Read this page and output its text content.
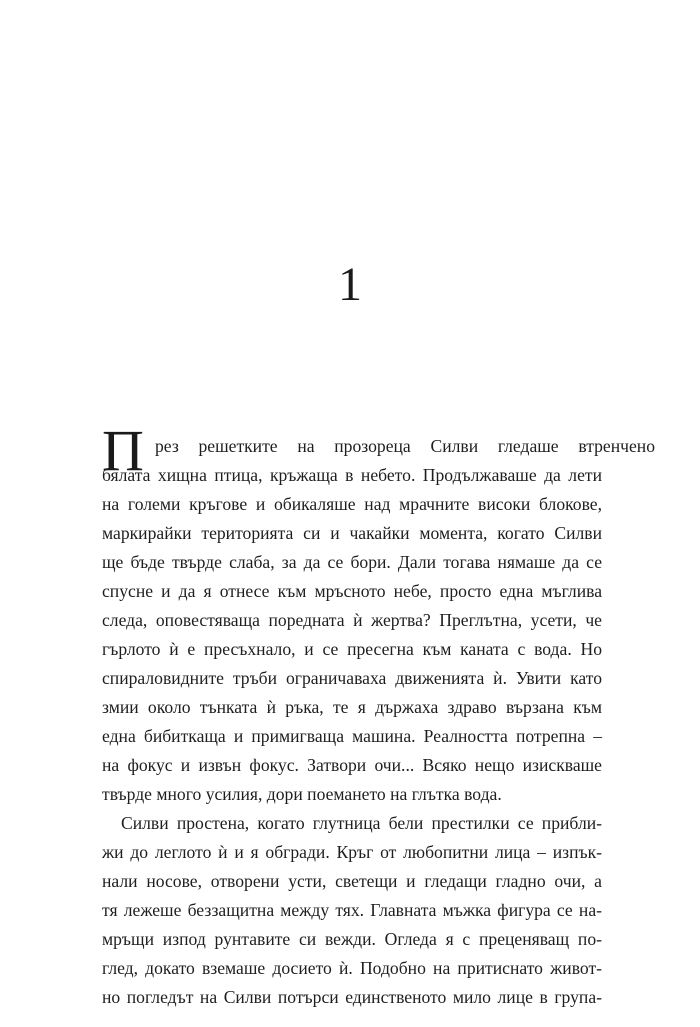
1
П рез решетките на прозореца Силви гледаше втренчено
бялата хищна птица, кръжаща в небето. Продължаваше да лети
на големи кръгове и обикаляше над мрачните високи блокове,
маркирайки територията си и чакайки момента, когато Силви
ще бъде твърде слаба, за да се бори. Дали тогава нямаше да се
спусне и да я отнесе към мръсното небе, просто една мъглива
следа, оповестяваща поредната ѝ жертва? Преглътна, усети, че
гърлото ѝ е пресъхнало, и се пресегна към каната с вода. Но
спираловидните тръби ограничаваха движенията ѝ. Увити като
змии около тънката ѝ ръка, те я държаха здраво вързана към
една бибиткаща и примигваща машина. Реалността потрепна –
на фокус и извън фокус. Затвори очи... Всяко нещо изискваше
твърде много усилия, дори поемането на глътка вода.
Силви простена, когато глутница бели престилки се прибли-
жи до леглото ѝ и я обгради. Кръг от любопитни лица – изпък-
нали носове, отворени усти, светещи и гледащи гладно очи, а
тя лежеше беззащитна между тях. Главната мъжка фигура се на-
мръщи изпод рунтавите си вежди. Огледа я с преценяващ по-
глед, докато вземаше досиeто ѝ. Подобно на притиснато живот-
но погледът на Силви потърси единственото мило лице в група-
